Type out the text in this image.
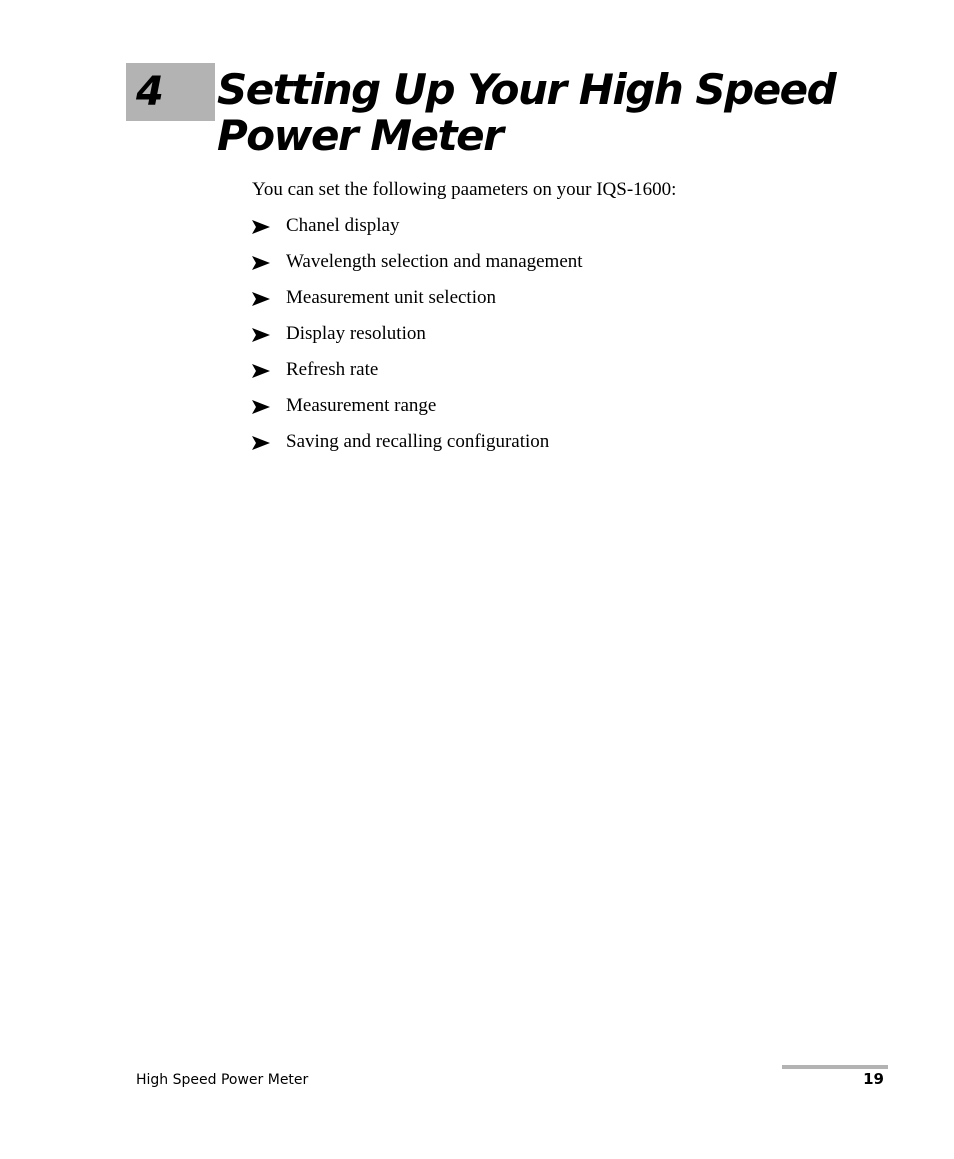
4 Setting Up Your High Speed Power Meter

You can set the following paameters on your IQS-1600:

Chanel display
Wavelength selection and management
Measurement unit selection
Display resolution
Refresh rate
Measurement range
Saving and recalling configuration
High Speed Power Meter	19
